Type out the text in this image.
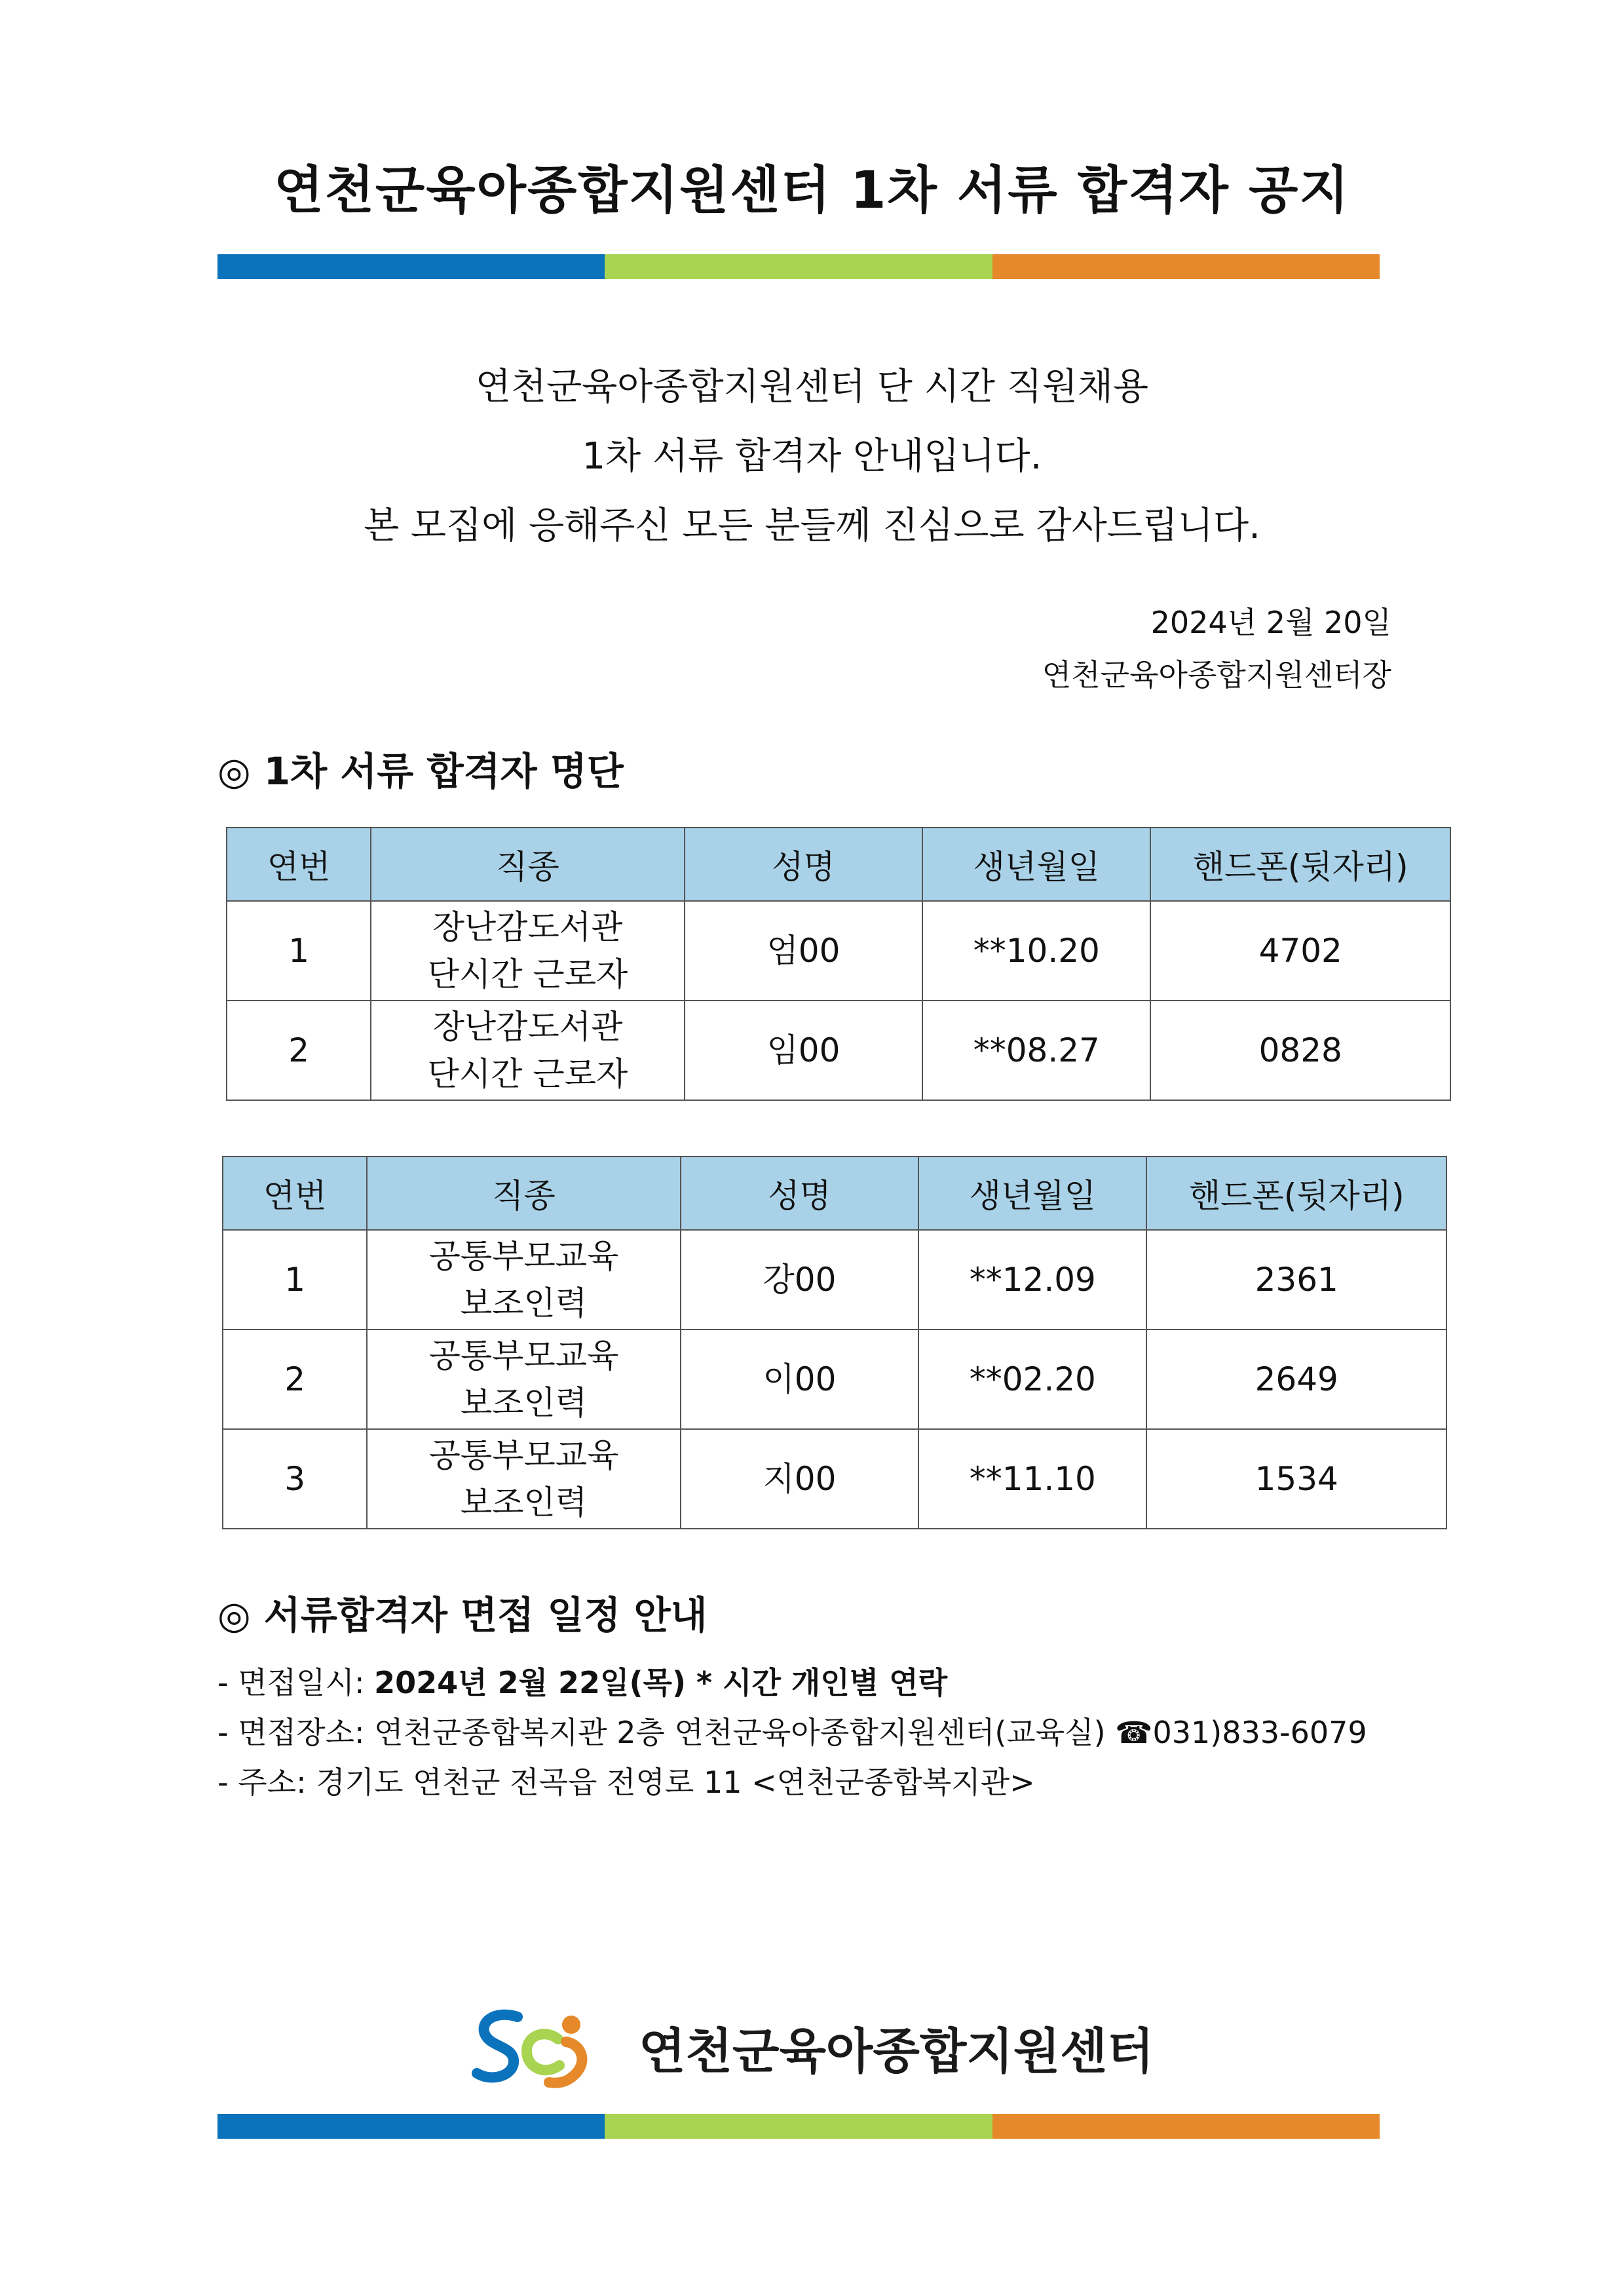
연천군육아종합지원센터 1차 서류 합격자 공지
연천군육아종합지원센터 단 시간 직원채용
1차 서류 합격자 안내입니다.
본 모집에 응해주신 모든 분들께 진심으로 감사드립니다.
2024년 2월 20일
연천군육아종합지원센터장
◎ 1차 서류 합격자 명단
연번	직종	성명	생년월일	핸드폰(뒷자리)
1	장난감도서관
단시간 근로자	엄00	**10.20	4702
2	장난감도서관
단시간 근로자	임00	**08.27	0828
연번	직종	성명	생년월일	핸드폰(뒷자리)
1	공통부모교육
보조인력	강00	**12.09	2361
2	공통부모교육
보조인력	이00	**02.20	2649
3	공통부모교육
보조인력	지00	**11.10	1534
◎ 서류합격자 면접 일정 안내
- 면접일시: 2024년 2월 22일(목) * 시간 개인별 연락
- 면접장소: 연천군종합복지관 2층 연천군육아종합지원센터(교육실) ☎031)833-6079
- 주소: 경기도 연천군 전곡읍 전영로 11 <연천군종합복지관>
연천군육아종합지원센터
